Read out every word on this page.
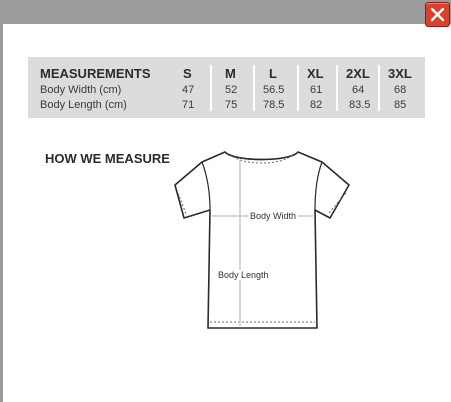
MEASUREMENTS S	M	L XL 2XL 3XL
Body Width (cm)	47	52 56.5 61	64	68
Body Length (cm)	71	75 78.5 82 83.5 85
HOW WE MEASURE
Body Width
Body Length
